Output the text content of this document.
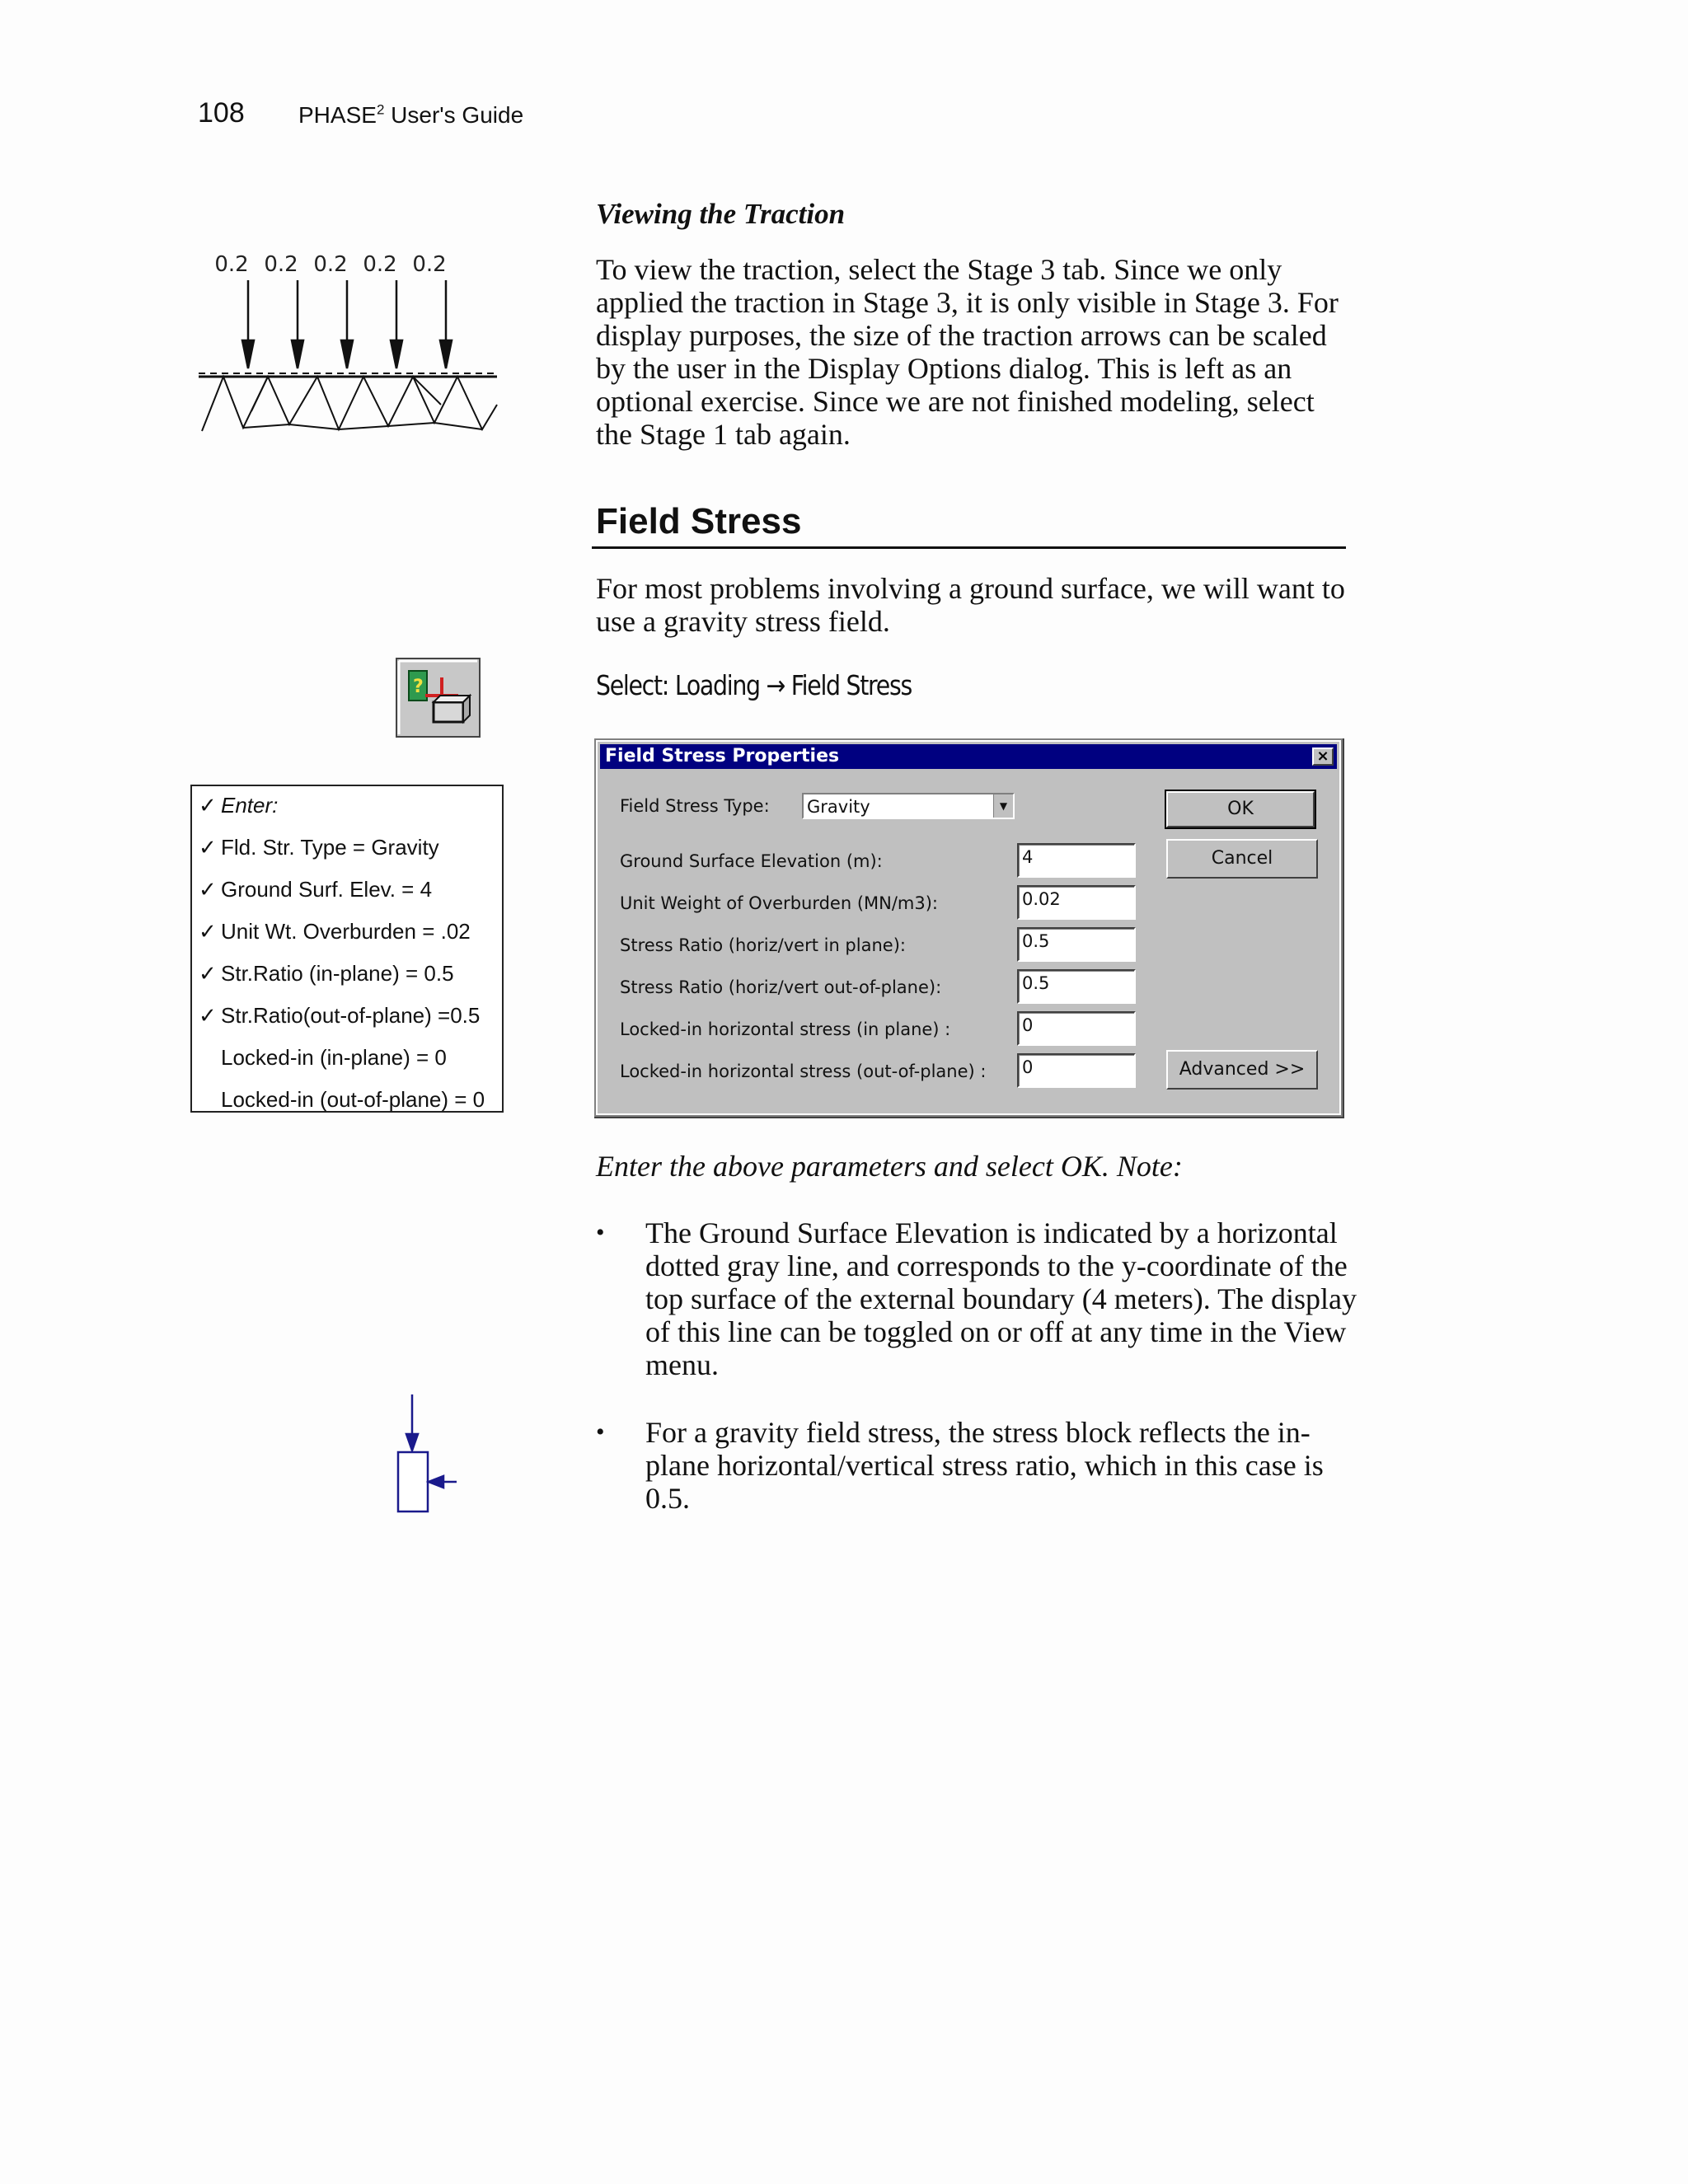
108 PHASE$^2$ User's Guide
0.2 0.2 0.2 0.2 0.2
Viewing the Traction
To view the traction, select the Stage 3 tab. Since we only applied the traction in Stage 3, it is only visible in Stage 3. For display purposes, the size of the traction arrows can be scaled by the user in the Display Options dialog. This is left as an optional exercise. Since we are not finished modeling, select the Stage 1 tab again.
Field Stress
For most problems involving a ground surface, we will want to use a gravity stress field.
?	Select: Loading → Field Stress
✓ Enter:
✓ Fld. Str. Type = Gravity
✓ Ground Surf. Elev. = 4
✓ Unit Wt. Overburden = .02
✓ Str.Ratio (in-plane) = 0.5
✓ Str.Ratio(out-of-plane) =0.5
Locked-in (in-plane) = 0
Locked-in (out-of-plane) = 0
Field Stress Properties	×
Field Stress Type: Gravity	▼
Ground Surface Elevation (m):	4
Unit Weight of Overburden (MN/m3):	0.02
Stress Ratio (horiz/vert in plane):	0.5
Stress Ratio (horiz/vert out-of-plane):	0.5
Locked-in horizontal stress (in plane) :	0
Locked-in horizontal stress (out-of-plane) : 0
OK
Cancel
Advanced >>
Enter the above parameters and select OK. Note:
• The Ground Surface Elevation is indicated by a horizontal dotted gray line, and corresponds to the y-coordinate of the top surface of the external boundary (4 meters). The display of this line can be toggled on or off at any time in the View menu.
• For a gravity field stress, the stress block reflects the in-plane horizontal/vertical stress ratio, which in this case is 0.5.
